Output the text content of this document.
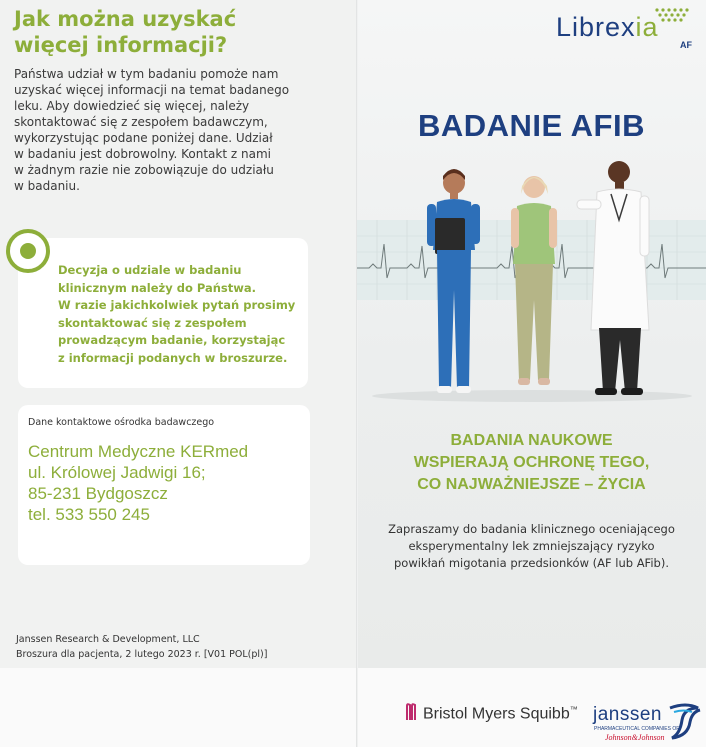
Jak można uzyskać
więcej informacji?
Państwa udział w tym badaniu pomoże nam
uzyskać więcej informacji na temat badanego
leku. Aby dowiedzieć się więcej, należy
skontaktować się z zespołem badawczym,
wykorzystując podane poniżej dane. Udział
w badaniu jest dobrowolny. Kontakt z nami
w żadnym razie nie zobowiązuje do udziału
w badaniu.
Decyzja o udziale w badaniu
klinicznym należy do Państwa.
W razie jakichkolwiek pytań prosimy
skontaktować się z zespołem
prowadzącym badanie, korzystając
z informacji podanych w broszurze.
Dane kontaktowe ośrodka badawczego
Centrum Medyczne KERmed
ul. Królowej Jadwigi 16;
85-231 Bydgoszcz
tel. 533 550 245
Janssen Research & Development, LLC
Broszura dla pacjenta, 2 lutego 2023 r. [V01 POL(pl)]
Librexia
AF
BADANIE AFIB
BADANIA NAUKOWE
WSPIERAJĄ OCHRONĘ TEGO,
CO NAJWAŻNIEJSZE – ŻYCIA
Zapraszamy do badania klinicznego oceniającego
eksperymentalny lek zmniejszający ryzyko
powikłań migotania przedsionków (AF lub AFib).
Bristol Myers Squibb™ janssen
PHARMACEUTICAL COMPANIES OF
Johnson&Johnson
